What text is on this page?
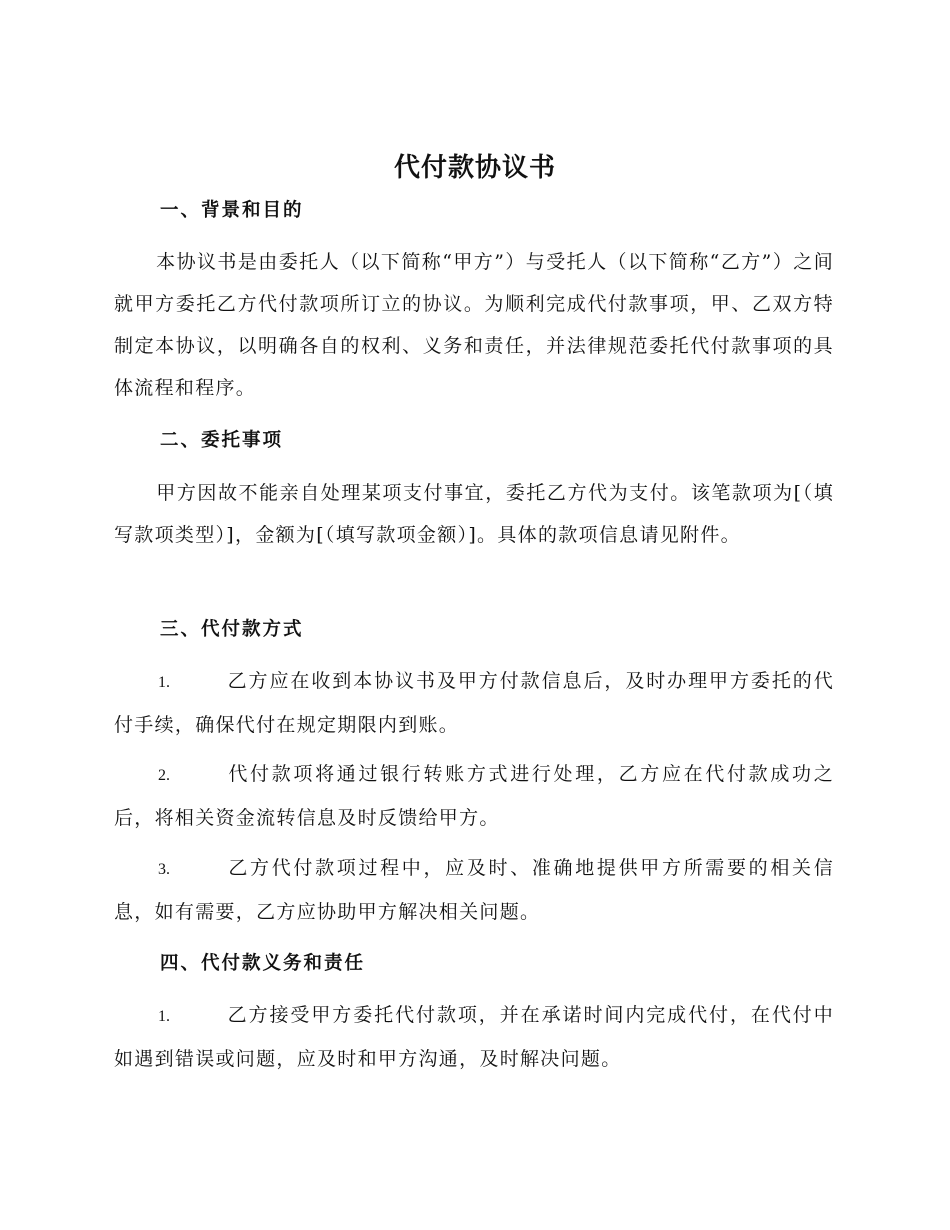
代付款协议书
一、背景和目的
本协议书是由委托人（以下简称“甲方”）与受托人（以下简称“乙方”）之间就甲方委托乙方代付款项所订立的协议。为顺利完成代付款事项，甲、乙双方特制定本协议，以明确各自的权利、义务和责任，并法律规范委托代付款事项的具体流程和程序。
二、委托事项
甲方因故不能亲自处理某项支付事宜，委托乙方代为支付。该笔款项为[（填写款项类型）]，金额为[（填写款项金额）]。具体的款项信息请见附件。
三、代付款方式
1.	乙方应在收到本协议书及甲方付款信息后，及时办理甲方委托的代付手续，确保代付在规定期限内到账。
2.	代付款项将通过银行转账方式进行处理，乙方应在代付款成功之后，将相关资金流转信息及时反馈给甲方。
3.	乙方代付款项过程中，应及时、准确地提供甲方所需要的相关信息，如有需要，乙方应协助甲方解决相关问题。
四、代付款义务和责任
1.	乙方接受甲方委托代付款项，并在承诺时间内完成代付，在代付中如遇到错误或问题，应及时和甲方沟通，及时解决问题。
